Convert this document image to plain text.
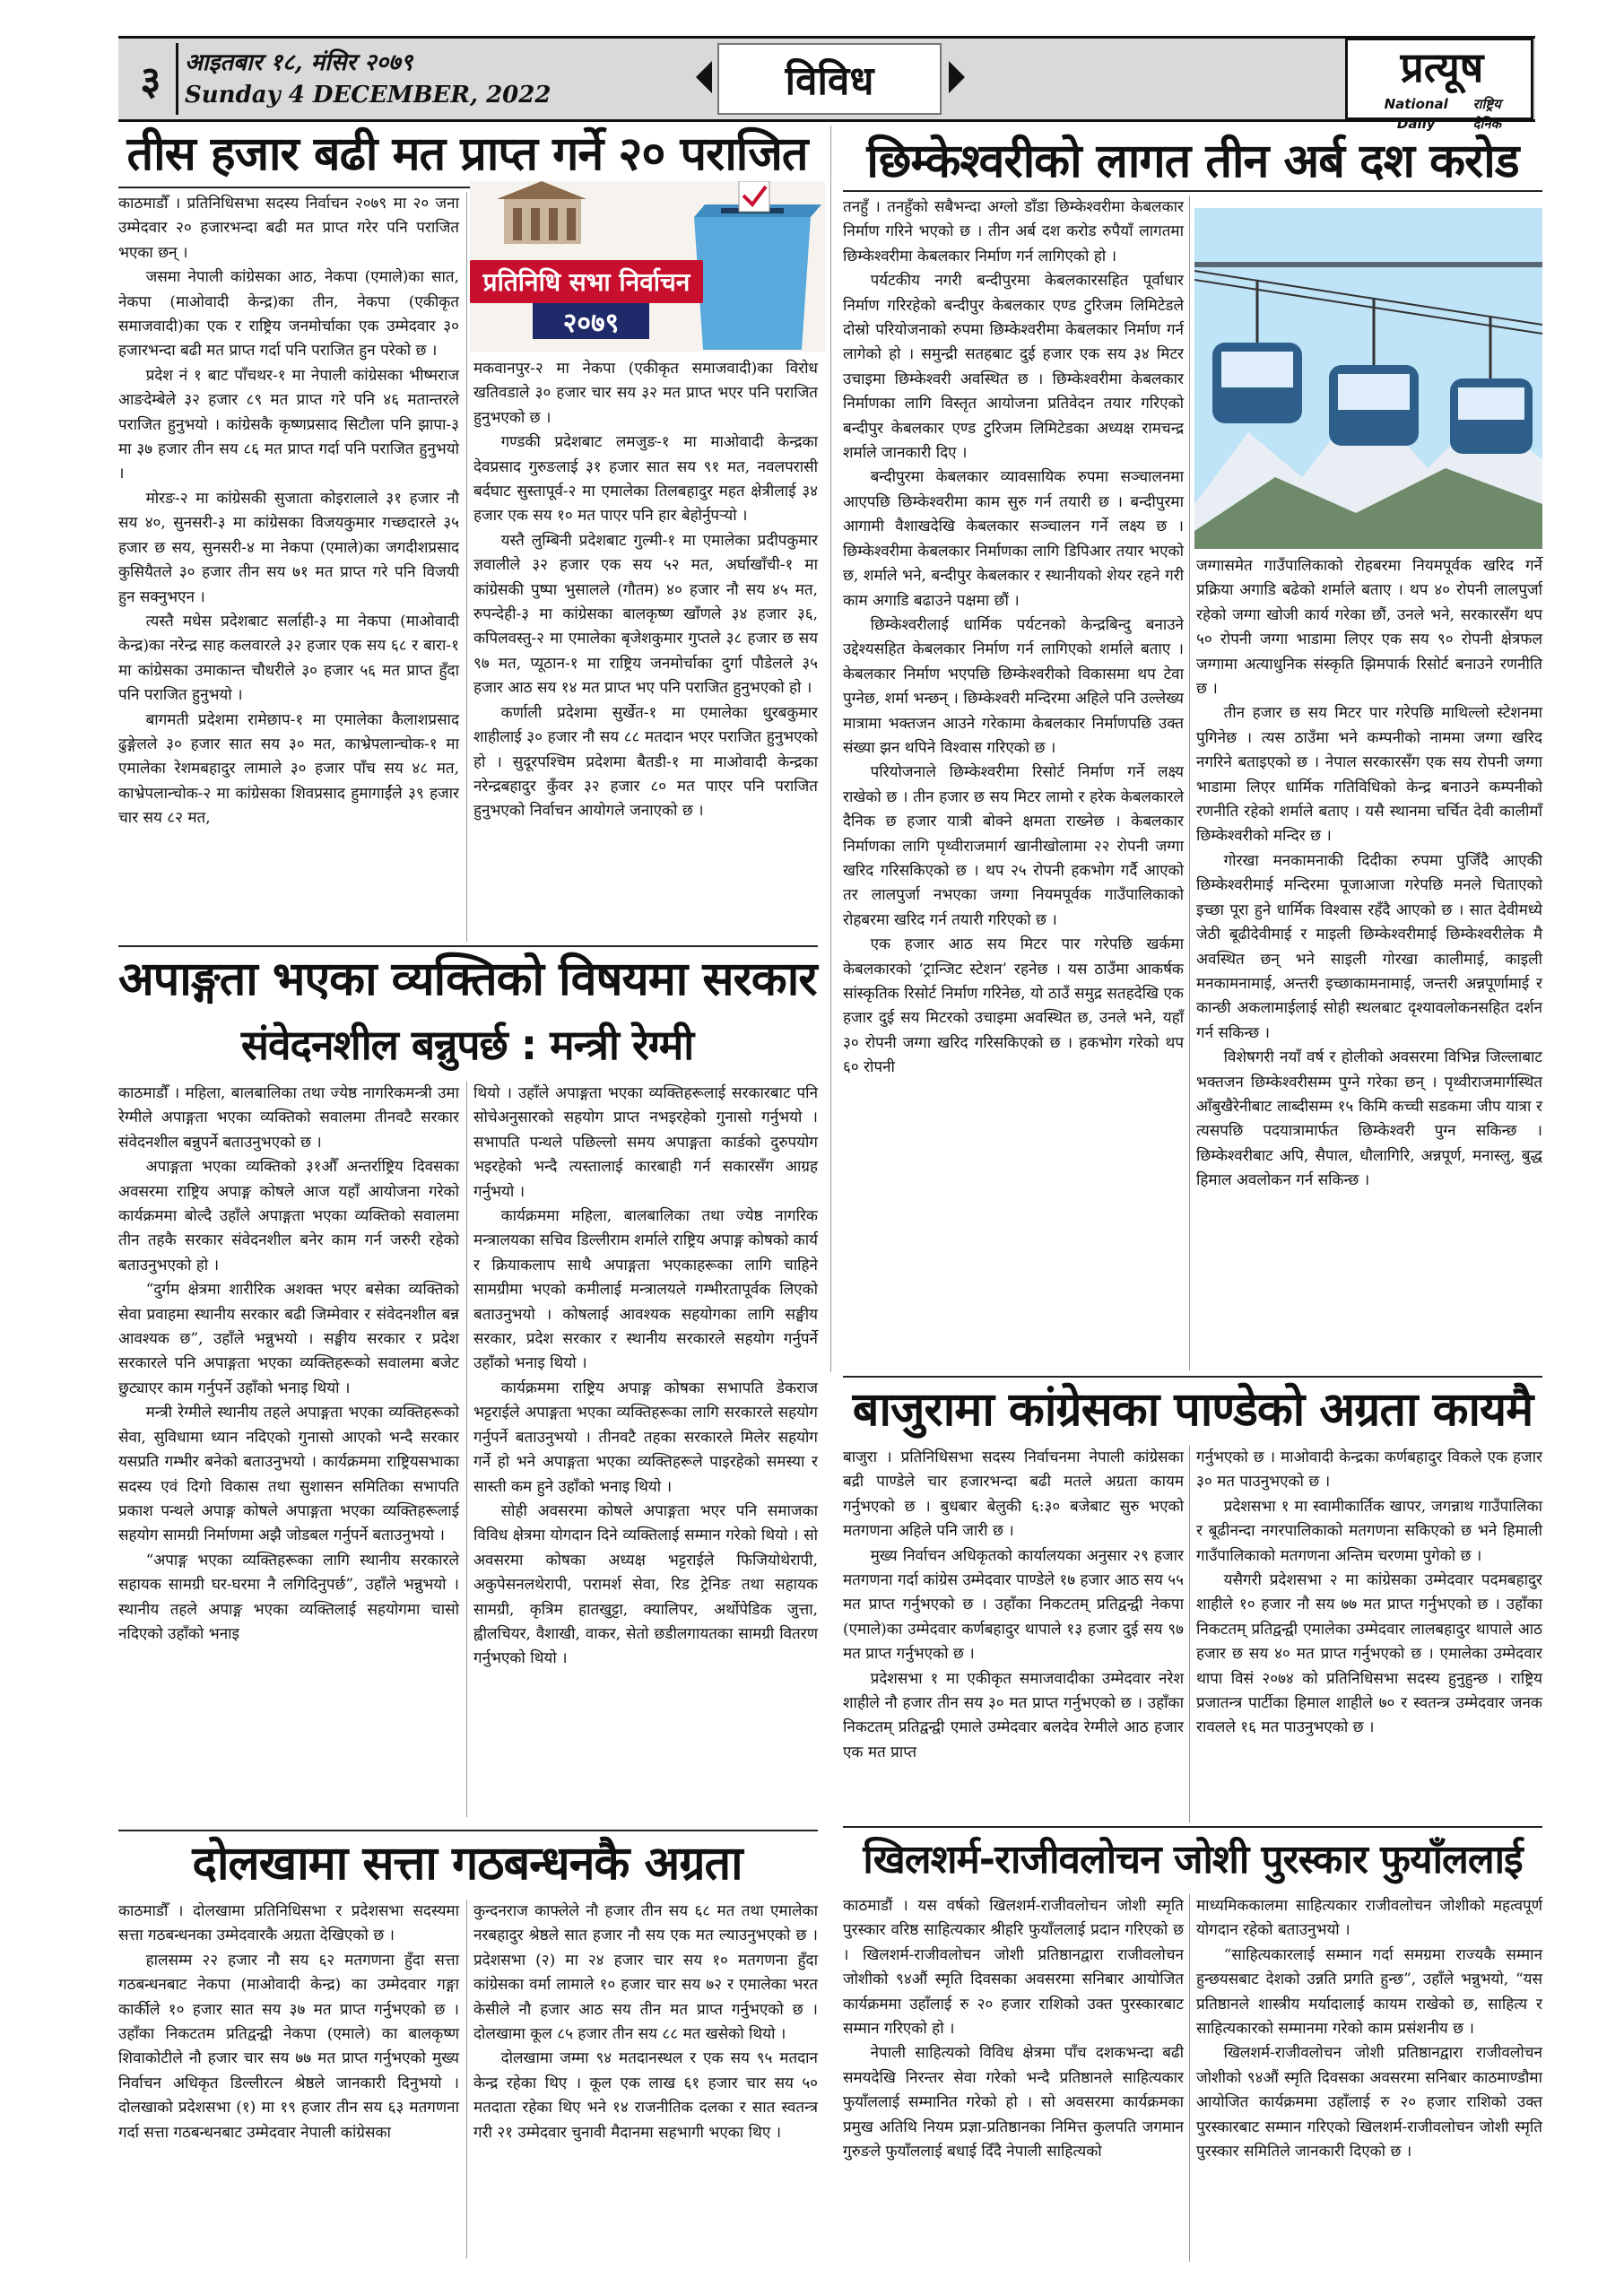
३	आइतबार १८, मंसिर २०७९
Sunday 4 DECEMBER, 2022	विविध	प्रत्यूष
National Daily
राष्ट्रिय दैनिक
तीस हजार बढी मत प्राप्त गर्ने २० पराजित
प्रतिनिधि सभा निर्वाचन
२०७९

काठमाडौँ । प्रतिनिधिसभा सदस्य निर्वाचन २०७९ मा २० जना उम्मेदवार २० हजारभन्दा बढी मत प्राप्त गरेर पनि पराजित भएका छन् ।

जसमा नेपाली कांग्रेसका आठ, नेकपा (एमाले)का सात, नेकपा (माओवादी केन्द्र)का तीन, नेकपा (एकीकृत समाजवादी)का एक र राष्ट्रिय जनमोर्चाका एक उम्मेदवार ३० हजारभन्दा बढी मत प्राप्त गर्दा पनि पराजित हुन परेको छ ।

प्रदेश नं १ बाट पाँचथर-१ मा नेपाली कांग्रेसका भीष्मराज आङदेम्बेले ३२ हजार ८९ मत प्राप्त गरे पनि ४६ मतान्तरले पराजित हुनुभयो । कांग्रेसकै कृष्णप्रसाद सिटौला पनि झापा-३ मा ३७ हजार तीन सय ८६ मत प्राप्त गर्दा पनि पराजित हुनुभयो ।

मोरङ-२ मा कांग्रेसकी सुजाता कोइरालाले ३१ हजार नौ सय ४०, सुनसरी-३ मा कांग्रेसका विजयकुमार गच्छदारले ३५ हजार छ सय, सुनसरी-४ मा नेकपा (एमाले)का जगदीशप्रसाद कुसियैतले ३० हजार तीन सय ७१ मत प्राप्त गरे पनि विजयी हुन सक्नुभएन ।

त्यस्तै मधेस प्रदेशबाट सर्लाही-३ मा नेकपा (माओवादी केन्द्र)का नरेन्द्र साह कलवारले ३२ हजार एक सय ६८ र बारा-१ मा कांग्रेसका उमाकान्त चौधरीले ३० हजार ५६ मत प्राप्त हुँदा पनि पराजित हुनुभयो ।

बागमती प्रदेशमा रामेछाप-१ मा एमालेका कैलाशप्रसाद ढुङ्गेलले ३० हजार सात सय ३० मत, काभ्रेपलान्चोक-१ मा एमालेका रेशमबहादुर लामाले ३० हजार पाँच सय ४८ मत, काभ्रेपलान्चोक-२ मा कांग्रेसका शिवप्रसाद हुमागाईंले ३९ हजार चार सय ८२ मत,

मकवानपुर-२ मा नेकपा (एकीकृत समाजवादी)का विरोध खतिवडाले ३० हजार चार सय ३२ मत प्राप्त भएर पनि पराजित हुनुभएको छ ।

गण्डकी प्रदेशबाट लमजुङ-१ मा माओवादी केन्द्रका देवप्रसाद गुरुङलाई ३१ हजार सात सय ९१ मत, नवलपरासी बर्दघाट सुस्तापूर्व-२ मा एमालेका तिलबहादुर महत क्षेत्रीलाई ३४ हजार एक सय १० मत पाएर पनि हार बेहोर्नुपऱ्यो ।

यस्तै लुम्बिनी प्रदेशबाट गुल्मी-१ मा एमालेका प्रदीपकुमार ज्ञवालीले ३२ हजार एक सय ५२ मत, अर्घाखाँची-१ मा कांग्रेसकी पुष्पा भुसालले (गौतम) ४० हजार नौ सय ४५ मत, रुपन्देही-३ मा कांग्रेसका बालकृष्ण खाँणले ३४ हजार ३६, कपिलवस्तु-२ मा एमालेका बृजेशकुमार गुप्तले ३८ हजार छ सय ९७ मत, प्यूठान-१ मा राष्ट्रिय जनमोर्चाका दुर्गा पौडेलले ३५ हजार आठ सय १४ मत प्राप्त भए पनि पराजित हुनुभएको हो ।

कर्णाली प्रदेशमा सुर्खेत-१ मा एमालेका धु्रबकुमार शाहीलाई ३० हजार नौ सय ८८ मतदान भएर पराजित हुनुभएको हो । सुदूरपश्चिम प्रदेशमा बैतडी-१ मा माओवादी केन्द्रका नरेन्द्रबहादुर कुँवर ३२ हजार ८० मत पाएर पनि पराजित हुनुभएको निर्वाचन आयोगले जनाएको छ ।

छिम्केश्वरीको लागत तीन अर्ब दश करोड

तनहुँ । तनहुँको सबैभन्दा अग्लो डाँडा छिम्केश्वरीमा केबलकार निर्माण गरिने भएको छ । तीन अर्ब दश करोड रुपैयाँ लागतमा छिम्केश्वरीमा केबलकार निर्माण गर्न लागिएको हो ।

पर्यटकीय नगरी बन्दीपुरमा केबलकारसहित पूर्वाधार निर्माण गरिरहेको बन्दीपुर केबलकार एण्ड टुरिजम लिमिटेडले दोस्रो परियोजनाको रुपमा छिम्केश्वरीमा केबलकार निर्माण गर्न लागेको हो । समुन्द्री सतहबाट दुई हजार एक सय ३४ मिटर उचाइमा छिम्केश्वरी अवस्थित छ । छिम्केश्वरीमा केबलकार निर्माणका लागि विस्तृत आयोजना प्रतिवेदन तयार गरिएको बन्दीपुर केबलकार एण्ड टुरिजम लिमिटेडका अध्यक्ष रामचन्द्र शर्माले जानकारी दिए ।

बन्दीपुरमा केबलकार व्यावसायिक रुपमा सञ्चालनमा आएपछि छिम्केश्वरीमा काम सुरु गर्न तयारी छ । बन्दीपुरमा आगामी वैशाखदेखि केबलकार सञ्चालन गर्ने लक्ष्य छ । छिम्केश्वरीमा केबलकार निर्माणका लागि डिपिआर तयार भएको छ, शर्माले भने, बन्दीपुर केबलकार र स्थानीयको शेयर रहने गरी काम अगाडि बढाउने पक्षमा छौं ।

छिम्केश्वरीलाई धार्मिक पर्यटनको केन्द्रबिन्दु बनाउने उद्देश्यसहित केबलकार निर्माण गर्न लागिएको शर्माले बताए । केबलकार निर्माण भएपछि छिम्केश्वरीको विकासमा थप टेवा पुग्नेछ, शर्मा भन्छन् । छिम्केश्वरी मन्दिरमा अहिले पनि उल्लेख्य मात्रामा भक्तजन आउने गरेकामा केबलकार निर्माणपछि उक्त संख्या झन थपिने विश्वास गरिएको छ ।

परियोजनाले छिम्केश्वरीमा रिसोर्ट निर्माण गर्ने लक्ष्य राखेको छ । तीन हजार छ सय मिटर लामो र हरेक केबलकारले दैनिक छ हजार यात्री बोक्ने क्षमता राख्नेछ । केबलकार निर्माणका लागि पृथ्वीराजमार्ग खानीखोलामा २२ रोपनी जग्गा खरिद गरिसकिएको छ । थप २५ रोपनी हकभोग गर्दै आएको तर लालपुर्जा नभएका जग्गा नियमपूर्वक गाउँपालिकाको रोहबरमा खरिद गर्न तयारी गरिएको छ ।

एक हजार आठ सय मिटर पार गरेपछि खर्कमा केबलकारको ‘ट्रान्जिट स्टेशन’ रहनेछ । यस ठाउँमा आकर्षक सांस्कृतिक रिसोर्ट निर्माण गरिनेछ, यो ठाउँ समुद्र सतहदेखि एक हजार दुई सय मिटरको उचाइमा अवस्थित छ, उनले भने, यहाँ ३० रोपनी जग्गा खरिद गरिसकिएको छ । हकभोग गरेको थप ६० रोपनी

जग्गासमेत गाउँपालिकाको रोहबरमा नियमपूर्वक खरिद गर्ने प्रक्रिया अगाडि बढेको शर्माले बताए । थप ४० रोपनी लालपुर्जा रहेको जग्गा खोजी कार्य गरेका छौं, उनले भने, सरकारसँग थप ५० रोपनी जग्गा भाडामा लिएर एक सय ९० रोपनी क्षेत्रफल जग्गामा अत्याधुनिक संस्कृति झिमपार्क रिसोर्ट बनाउने रणनीति छ ।

तीन हजार छ सय मिटर पार गरेपछि माथिल्लो स्टेशनमा पुगिनेछ । त्यस ठाउँमा भने कम्पनीको नाममा जग्गा खरिद नगरिने बताइएको छ । नेपाल सरकारसँग एक सय रोपनी जग्गा भाडामा लिएर धार्मिक गतिविधिको केन्द्र बनाउने कम्पनीको रणनीति रहेको शर्माले बताए । यसै स्थानमा चर्चित देवी कालीमाँ छिम्केश्वरीको मन्दिर छ ।

गोरखा मनकामनाकी दिदीका रुपमा पुजिँदै आएकी छिम्केश्वरीमाई मन्दिरमा पूजाआजा गरेपछि मनले चिताएको इच्छा पूरा हुने धार्मिक विश्वास रहँदै आएको छ । सात देवीमध्ये जेठी बूढीदेवीमाई र माइली छिम्केश्वरीमाई छिम्केश्वरीलेक मै अवस्थित छन् भने साइली गोरखा कालीमाई, काइली मनकामनामाई, अन्तरी इच्छाकामनामाई, जन्तरी अन्नपूर्णामाई र कान्छी अकलामाईलाई सोही स्थलबाट दृश्यावलोकनसहित दर्शन गर्न सकिन्छ ।

विशेषगरी नयाँ वर्ष र होलीको अवसरमा विभिन्न जिल्लाबाट भक्तजन छिम्केश्वरीसम्म पुग्ने गरेका छन् । पृथ्वीराजमार्गस्थित आँबुखैरेनीबाट लाब्दीसम्म १५ किमि कच्ची सडकमा जीप यात्रा र त्यसपछि पदयात्रामार्फत छिम्केश्वरी पुग्न सकिन्छ । छिम्केश्वरीबाट अपि, सैपाल, धौलागिरि, अन्नपूर्ण, मनास्लु, बुद्ध हिमाल अवलोकन गर्न सकिन्छ ।

अपाङ्गता भएका व्यक्तिको विषयमा सरकार
संवेदनशील बन्नुपर्छ : मन्त्री रेग्मी

काठमाडौँ । महिला, बालबालिका तथा ज्येष्ठ नागरिकमन्त्री उमा रेग्मीले अपाङ्गता भएका व्यक्तिको सवालमा तीनवटै सरकार संवेदनशील बन्नुपर्ने बताउनुभएको छ ।

अपाङ्गता भएका व्यक्तिको ३१औँ अन्तर्राष्ट्रिय दिवसका अवसरमा राष्ट्रिय अपाङ्ग कोषले आज यहाँ आयोजना गरेको कार्यक्रममा बोल्दै उहाँले अपाङ्गता भएका व्यक्तिको सवालमा तीन तहकै सरकार संवेदनशील बनेर काम गर्न जरुरी रहेको बताउनुभएको हो ।

“दुर्गम क्षेत्रमा शारीरिक अशक्त भएर बसेका व्यक्तिको सेवा प्रवाहमा स्थानीय सरकार बढी जिम्मेवार र संवेदनशील बन्न आवश्यक छ”, उहाँले भन्नुभयो । सङ्घीय सरकार र प्रदेश सरकारले पनि अपाङ्गता भएका व्यक्तिहरूको सवालमा बजेट छुट्याएर काम गर्नुपर्ने उहाँको भनाइ थियो ।

मन्त्री रेग्मीले स्थानीय तहले अपाङ्गता भएका व्यक्तिहरूको सेवा, सुविधामा ध्यान नदिएको गुनासो आएको भन्दै सरकार यसप्रति गम्भीर बनेको बताउनुभयो । कार्यक्रममा राष्ट्रियसभाका सदस्य एवं दिगो विकास तथा सुशासन समितिका सभापति प्रकाश पन्थले अपाङ्ग कोषले अपाङ्गता भएका व्यक्तिहरूलाई सहयोग सामग्री निर्माणमा अझै जोडबल गर्नुपर्ने बताउनुभयो ।

“अपाङ्ग भएका व्यक्तिहरूका लागि स्थानीय सरकारले सहायक सामग्री घर-घरमा नै लगिदिनुपर्छ”, उहाँले भन्नुभयो । स्थानीय तहले अपाङ्ग भएका व्यक्तिलाई सहयोगमा चासो नदिएको उहाँको भनाइ

थियो । उहाँले अपाङ्गता भएका व्यक्तिहरूलाई सरकारबाट पनि सोचेअनुसारको सहयोग प्राप्त नभइरहेको गुनासो गर्नुभयो । सभापति पन्थले पछिल्लो समय अपाङ्गता कार्डको दुरुपयोग भइरहेको भन्दै त्यस्तालाई कारबाही गर्न सकारसँग आग्रह गर्नुभयो ।

कार्यक्रममा महिला, बालबालिका तथा ज्येष्ठ नागरिक मन्त्रालयका सचिव डिल्लीराम शर्माले राष्ट्रिय अपाङ्ग कोषको कार्य र क्रियाकलाप साथै अपाङ्गता भएकाहरूका लागि चाहिने सामग्रीमा भएको कमीलाई मन्त्रालयले गम्भीरतापूर्वक लिएको बताउनुभयो । कोषलाई आवश्यक सहयोगका लागि सङ्घीय सरकार, प्रदेश सरकार र स्थानीय सरकारले सहयोग गर्नुपर्ने उहाँको भनाइ थियो ।

कार्यक्रममा राष्ट्रिय अपाङ्ग कोषका सभापति डेकराज भट्टराईले अपाङ्गता भएका व्यक्तिहरूका लागि सरकारले सहयोग गर्नुपर्ने बताउनुभयो । तीनवटै तहका सरकारले मिलेर सहयोग गर्ने हो भने अपाङ्गता भएका व्यक्तिहरूले पाइरहेको समस्या र सास्ती कम हुने उहाँको भनाइ थियो ।

सोही अवसरमा कोषले अपाङ्गता भएर पनि समाजका विविध क्षेत्रमा योगदान दिने व्यक्तिलाई सम्मान गरेको थियो । सो अवसरमा कोषका अध्यक्ष भट्टराईले फिजियोथेरापी, अकुपेसनलथेरापी, परामर्श सेवा, रिड ट्रेनिङ तथा सहायक सामग्री, कृत्रिम हातखुट्टा, क्यालिपर, अर्थोपेडिक जुत्ता, ह्वीलचियर, वैशाखी, वाकर, सेतो छडीलगायतका सामग्री वितरण गर्नुभएको थियो ।

बाजुरामा कांग्रेसका पाण्डेको अग्रता कायमै

बाजुरा । प्रतिनिधिसभा सदस्य निर्वाचनमा नेपाली कांग्रेसका बद्री पाण्डेले चार हजारभन्दा बढी मतले अग्रता कायम गर्नुभएको छ । बुधबार बेलुकी ६:३० बजेबाट सुरु भएको मतगणना अहिले पनि जारी छ ।

मुख्य निर्वाचन अधिकृतको कार्यालयका अनुसार २९ हजार मतगणना गर्दा कांग्रेस उम्मेदवार पाण्डेले १७ हजार आठ सय ५५ मत प्राप्त गर्नुभएको छ । उहाँका निकटतम् प्रतिद्वन्द्वी नेकपा (एमाले)का उम्मेदवार कर्णबहादुर थापाले १३ हजार दुई सय ९७ मत प्राप्त गर्नुभएको छ ।

प्रदेशसभा १ मा एकीकृत समाजवादीका उम्मेदवार नरेश शाहीले नौ हजार तीन सय ३० मत प्राप्त गर्नुभएको छ । उहाँका निकटतम् प्रतिद्वन्द्वी एमाले उम्मेदवार बलदेव रेग्मीले आठ हजार एक मत प्राप्त

गर्नुभएको छ । माओवादी केन्द्रका कर्णबहादुर विकले एक हजार ३० मत पाउनुभएको छ ।

प्रदेशसभा १ मा स्वामीकार्तिक खापर, जगन्नाथ गाउँपालिका र बूढीनन्दा नगरपालिकाको मतगणना सकिएको छ भने हिमाली गाउँपालिकाको मतगणना अन्तिम चरणमा पुगेको छ ।

यसैगरी प्रदेशसभा २ मा कांग्रेसका उम्मेदवार पदमबहादुर शाहीले १० हजार नौ सय ७७ मत प्राप्त गर्नुभएको छ । उहाँका निकटतम् प्रतिद्वन्द्वी एमालेका उम्मेदवार लालबहादुर थापाले आठ हजार छ सय ४० मत प्राप्त गर्नुभएको छ । एमालेका उम्मेदवार थापा विसं २०७४ को प्रतिनिधिसभा सदस्य हुनुहुन्छ । राष्ट्रिय प्रजातन्त्र पार्टीका हिमाल शाहीले ७० र स्वतन्त्र उम्मेदवार जनक रावलले १६ मत पाउनुभएको छ ।

दोलखामा सत्ता गठबन्धनकै अग्रता

काठमाडौँ । दोलखामा प्रतिनिधिसभा र प्रदेशसभा सदस्यमा सत्ता गठबन्धनका उम्मेदवारकै अग्रता देखिएको छ ।

हालसम्म २२ हजार नौ सय ६२ मतगणना हुँदा सत्ता गठबन्धनबाट नेकपा (माओवादी केन्द्र) का उम्मेदवार गङ्गा कार्कीले १० हजार सात सय ३७ मत प्राप्त गर्नुभएको छ । उहाँका निकटतम प्रतिद्वन्द्वी नेकपा (एमाले) का बालकृष्ण शिवाकोटीले नौ हजार चार सय ७७ मत प्राप्त गर्नुभएको मुख्य निर्वाचन अधिकृत डिल्लीरत्न श्रेष्ठले जानकारी दिनुभयो । दोलखाको प्रदेशसभा (१) मा १९ हजार तीन सय ६३ मतगणना गर्दा सत्ता गठबन्धनबाट उम्मेदवार नेपाली कांग्रेसका

कुन्दनराज काफ्लेले नौ हजार तीन सय ६८ मत तथा एमालेका नरबहादुर श्रेष्ठले सात हजार नौ सय एक मत ल्याउनुभएको छ । प्रदेशसभा (२) मा २४ हजार चार सय १० मतगणना हुँदा कांग्रेसका वर्मा लामाले १० हजार चार सय ७२ र एमालेका भरत केसीले नौ हजार आठ सय तीन मत प्राप्त गर्नुभएको छ । दोलखामा कूल ८५ हजार तीन सय ८८ मत खसेको थियो ।

दोलखामा जम्मा ९४ मतदानस्थल र एक सय ९५ मतदान केन्द्र रहेका थिए । कूल एक लाख ६१ हजार चार सय ५० मतदाता रहेका थिए भने १४ राजनीतिक दलका र सात स्वतन्त्र गरी २१ उम्मेदवार चुनावी मैदानमा सहभागी भएका थिए ।

खिलशर्म-राजीवलोचन जोशी पुरस्कार फुयाँललाई

काठमाडौं । यस वर्षको खिलशर्म-राजीवलोचन जोशी स्मृति पुरस्कार वरिष्ठ साहित्यकार श्रीहरि फुयाँललाई प्रदान गरिएको छ । खिलशर्म-राजीवलोचन जोशी प्रतिष्ठानद्वारा राजीवलोचन जोशीको ९४औं स्मृति दिवसका अवसरमा सनिबार आयोजित कार्यक्रममा उहाँलाई रु २० हजार राशिको उक्त पुरस्कारबाट सम्मान गरिएको हो ।

नेपाली साहित्यको विविध क्षेत्रमा पाँच दशकभन्दा बढी समयदेखि निरन्तर सेवा गरेको भन्दै प्रतिष्ठानले साहित्यकार फुयाँललाई सम्मानित गरेको हो । सो अवसरमा कार्यक्रमका प्रमुख अतिथि नियम प्रज्ञा-प्रतिष्ठानका निमित्त कुलपति जगमान गुरुङले फुयाँललाई बधाई दिँदै नेपाली साहित्यको

माध्यमिककालमा साहित्यकार राजीवलोचन जोशीको महत्वपूर्ण योगदान रहेको बताउनुभयो ।

“साहित्यकारलाई सम्मान गर्दा समग्रमा राज्यकै सम्मान हुन्छयसबाट देशको उन्नति प्रगति हुन्छ”, उहाँले भन्नुभयो, “यस प्रतिष्ठानले शास्त्रीय मर्यादालाई कायम राखेको छ, साहित्य र साहित्यकारको सम्मानमा गरेको काम प्रसंशनीय छ ।

खिलशर्म-राजीवलोचन जोशी प्रतिष्ठानद्वारा राजीवलोचन जोशीको ९४औं स्मृति दिवसका अवसरमा सनिबार काठमाण्डौमा आयोजित कार्यक्रममा उहाँलाई रु २० हजार राशिको उक्त पुरस्कारबाट सम्मान गरिएको खिलशर्म-राजीवलोचन जोशी स्मृति पुरस्कार समितिले जानकारी दिएको छ ।
